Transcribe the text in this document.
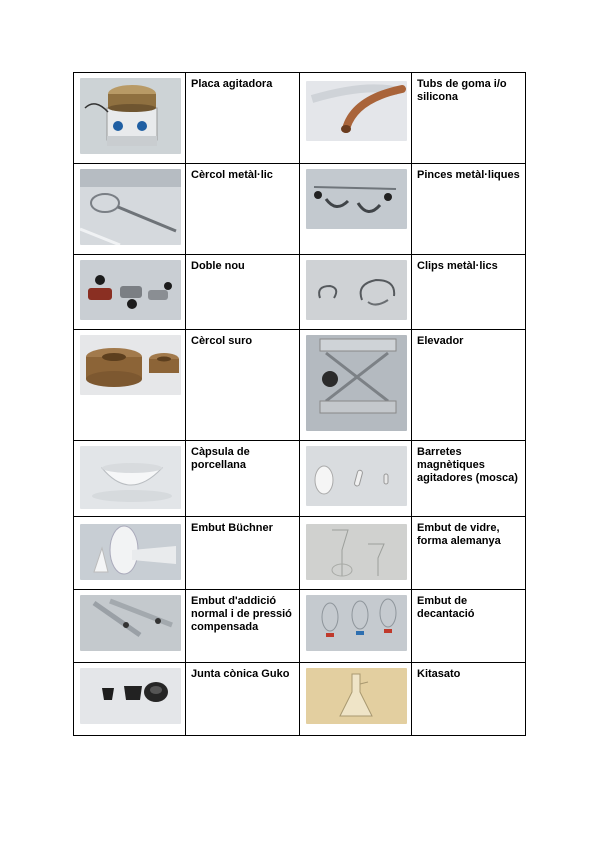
Placa agitadora		Tubs de goma i/o silicona

Cèrcol metàl·lic		Pinces metàl·liques

Doble nou		Clips metàl·lics

Cèrcol suro		Elevador

Càpsula de porcellana		Barretes magnètiques agitadores (mosca)

Embut Büchner		Embut de vidre, forma alemanya

Embut d'addició normal i de pressió compensada		Embut de decantació

Junta cònica Guko		Kitasato
